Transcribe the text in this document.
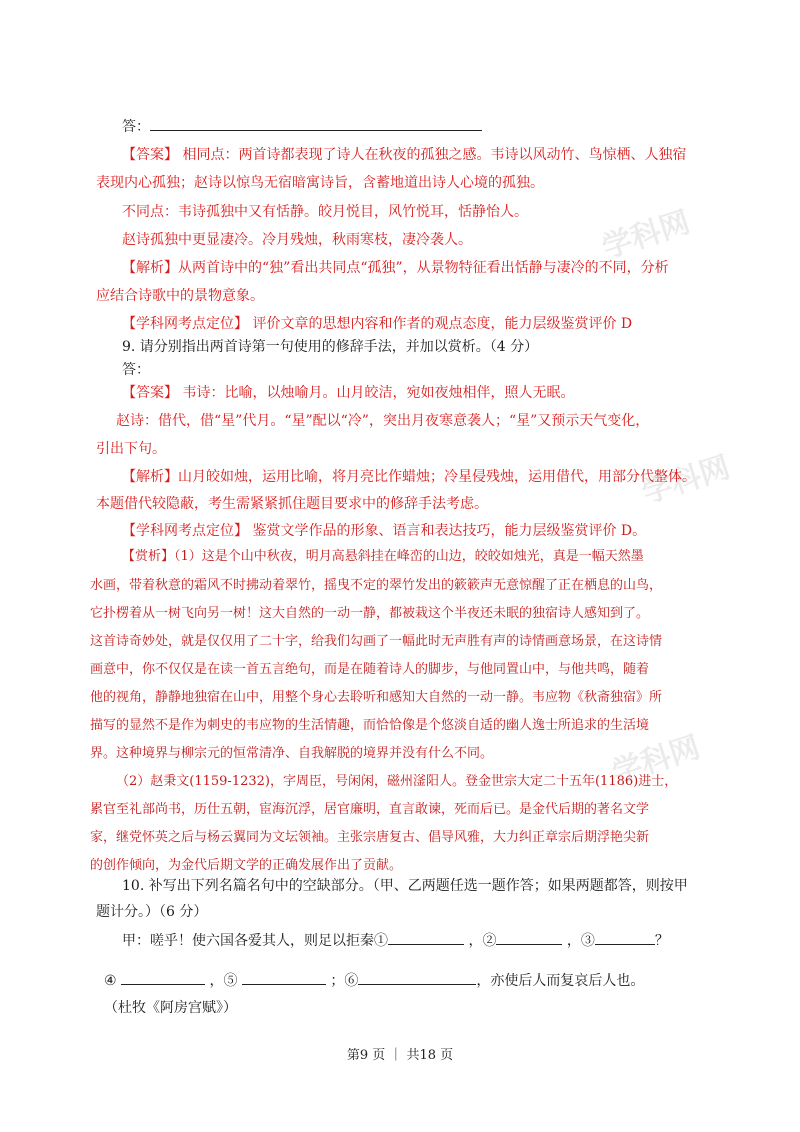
学科网
学科网
学科网
答：
【答案】 相同点：两首诗都表现了诗人在秋夜的孤独之感。韦诗以风动竹、鸟惊栖、人独宿
表现内心孤独；赵诗以惊鸟无宿暗寓诗旨，含蓄地道出诗人心境的孤独。
不同点：韦诗孤独中又有恬静。皎月悦目，风竹悦耳，恬静怡人。
赵诗孤独中更显凄冷。冷月残烛，秋雨寒枝，凄冷袭人。
【解析】从两首诗中的“独”看出共同点“孤独”，从景物特征看出恬静与凄冷的不同，分析
应结合诗歌中的景物意象。
【学科网考点定位】 评价文章的思想内容和作者的观点态度，能力层级鉴赏评价 D
9. 请分别指出两首诗第一句使用的修辞手法，并加以赏析。（4 分）
答：
【答案】 韦诗：比喻，以烛喻月。山月皎洁，宛如夜烛相伴，照人无眠。
赵诗：借代，借“星”代月。“星”配以“冷”，突出月夜寒意袭人；“星”又预示天气变化，
引出下句。
【解析】山月皎如烛，运用比喻，将月亮比作蜡烛；冷星侵残烛，运用借代，用部分代整体。
本题借代较隐蔽，考生需紧紧抓住题目要求中的修辞手法考虑。
【学科网考点定位】 鉴赏文学作品的形象、语言和表达技巧，能力层级鉴赏评价 D。
【赏析】（1）这是个山中秋夜，明月高悬斜挂在峰峦的山边，皎皎如烛光，真是一幅天然墨
水画，带着秋意的霜风不时拂动着翠竹，摇曳不定的翠竹发出的簌簌声无意惊醒了正在栖息的山鸟，
它扑楞着从一树飞向另一树！这大自然的一动一静，都被栽这个半夜还未眠的独宿诗人感知到了。
这首诗奇妙处，就是仅仅用了二十字，给我们勾画了一幅此时无声胜有声的诗情画意场景，在这诗情
画意中，你不仅仅是在读一首五言绝句，而是在随着诗人的脚步，与他同置山中，与他共鸣，随着
他的视角，静静地独宿在山中，用整个身心去聆听和感知大自然的一动一静。韦应物《秋斋独宿》所
描写的显然不是作为刺史的韦应物的生活情趣，而恰恰像是个悠淡自适的幽人逸士所追求的生活境
界。这种境界与柳宗元的恒常清净、自我解脱的境界并没有什么不同。
（2）赵秉文(1159-1232)，字周臣，号闲闲，磁州滏阳人。登金世宗大定二十五年(1186)进士，
累官至礼部尚书，历仕五朝，宦海沉浮，居官廉明，直言敢谏，死而后已。是金代后期的著名文学
家，继党怀英之后与杨云翼同为文坛领袖。主张宗唐复古、倡导风雅，大力纠正章宗后期浮艳尖新
的创作倾向，为金代后期文学的正确发展作出了贡献。
10. 补写出下列名篇名句中的空缺部分。（甲、乙两题任选一题作答；如果两题都答，则按甲
题计分。）（6 分）
甲：嗟乎！使六国各爱其人，则足以拒秦①	，②	，③	？
④	，⑤	；⑥	，亦使后人而复哀后人也。
（杜牧《阿房宫赋》）
第9 页 ｜ 共18 页
